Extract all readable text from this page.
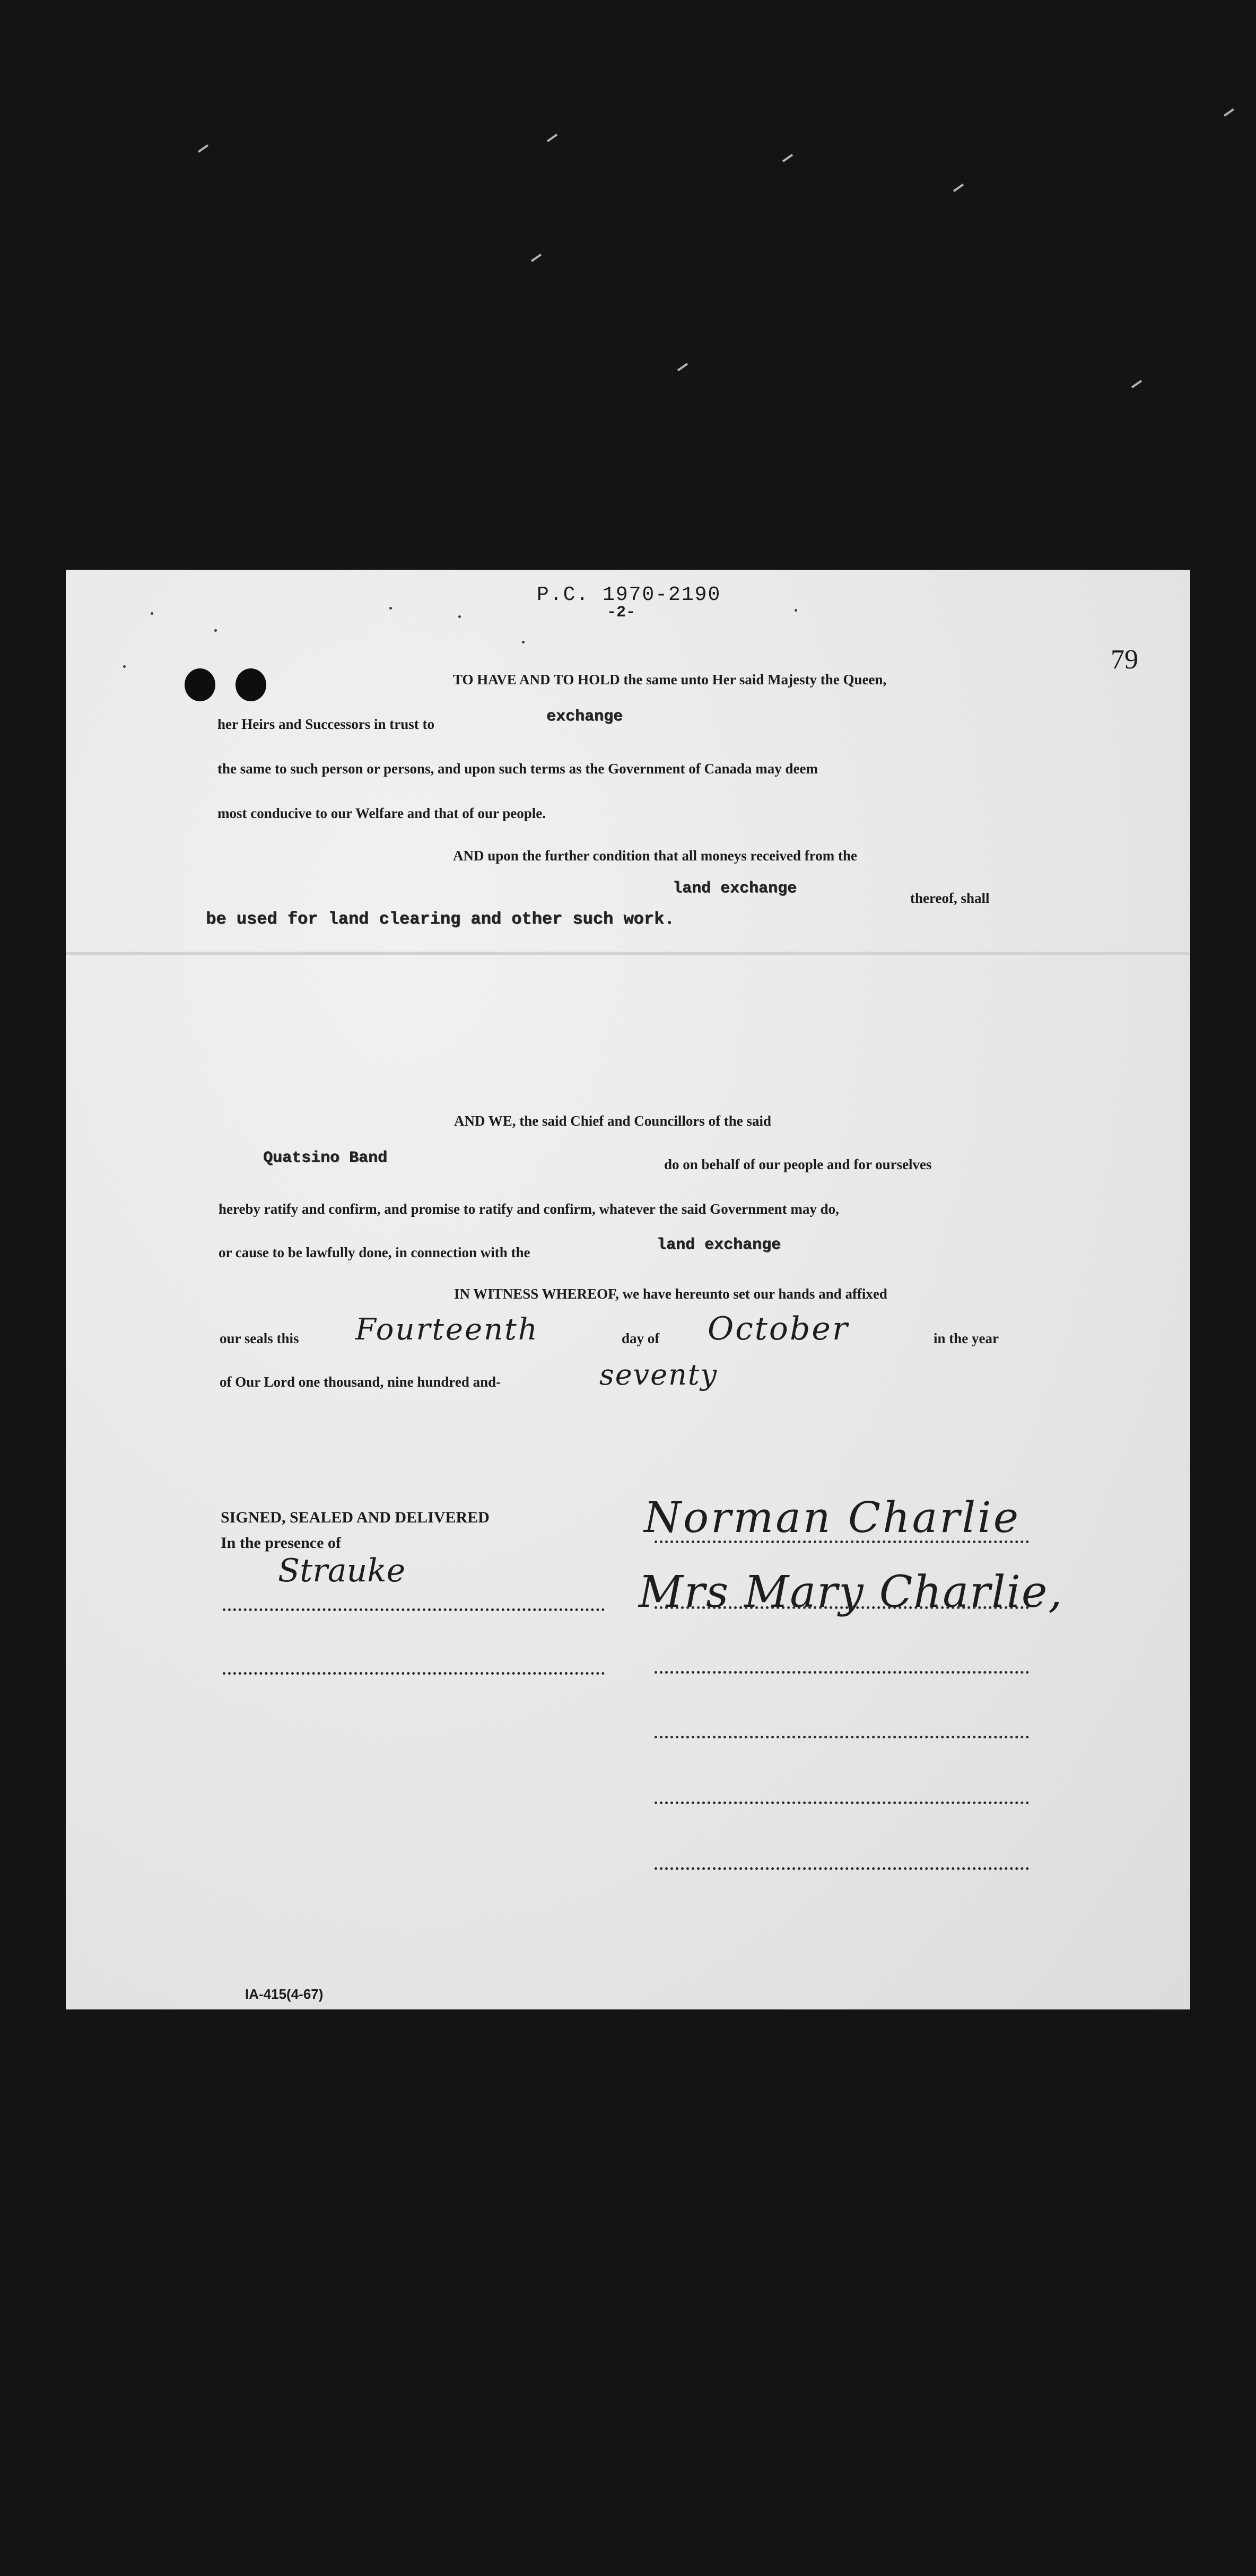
P.C. 1970-2190
-2-
79
TO HAVE AND TO HOLD the same unto Her said Majesty the Queen,
her Heirs and Successors in trust to	exchange
the same to such person or persons, and upon such terms as the Government of Canada may deem
most conducive to our Welfare and that of our people.
AND upon the further condition that all moneys received from the
land exchange
thereof, shall
be used for land clearing and other such work.
AND WE, the said Chief and Councillors of the said
Quatsino Band	do on behalf of our people and for ourselves
hereby ratify and confirm, and promise to ratify and confirm, whatever the said Government may do,
or cause to be lawfully done, in connection with the	land exchange
IN WITNESS WHEREOF, we have hereunto set our hands and affixed
our seals this Fourteenth	day of October	in the year
of Our Lord one thousand, nine hundred and-	seventy
SIGNED, SEALED AND DELIVERED
In the presence of
Strauke
Norman Charlie
Mrs Mary Charlie,
IA-415(4-67)
